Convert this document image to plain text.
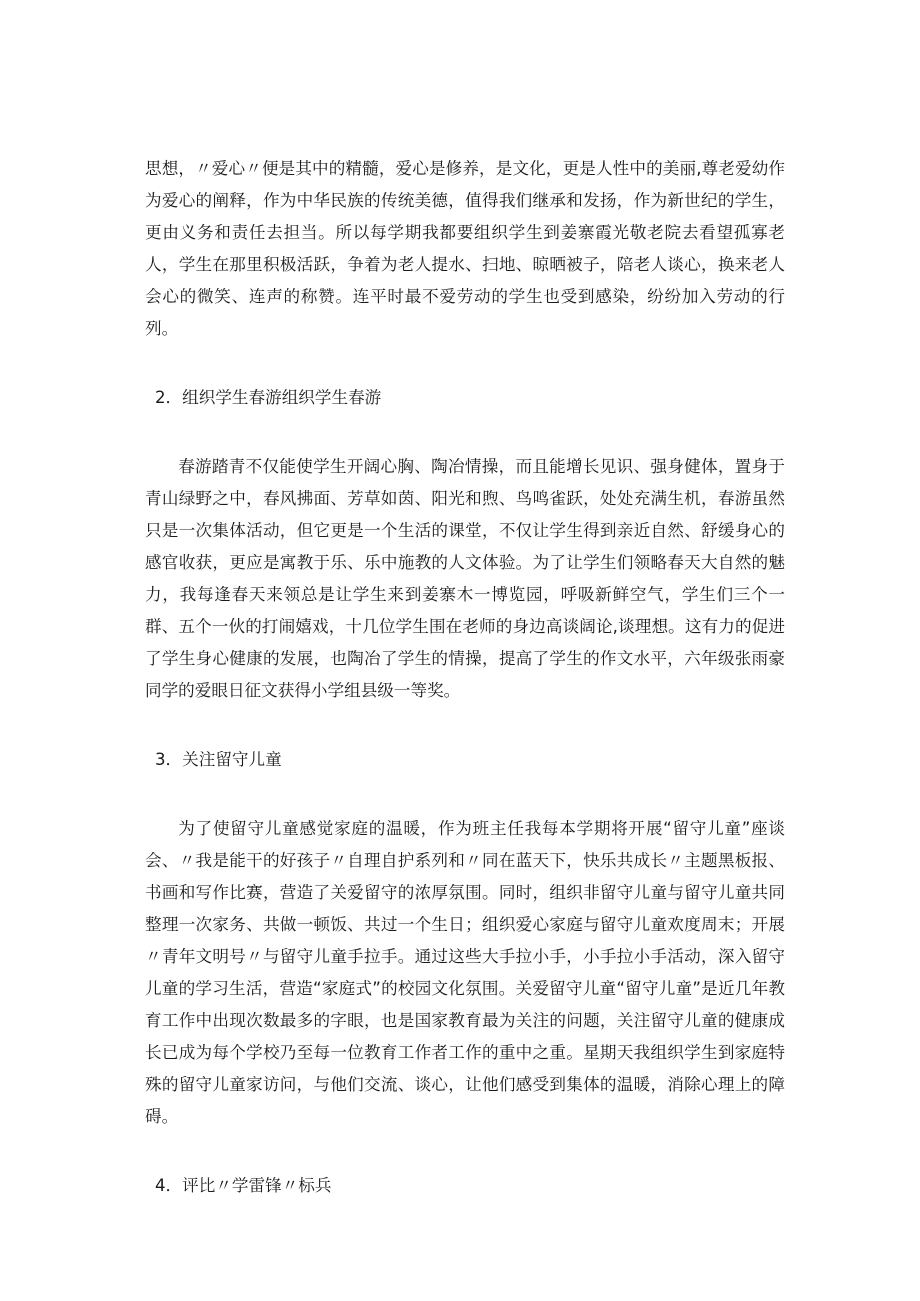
思想，〃爱心〃便是其中的精髓，爱心是修养，是文化，更是人性中的美丽,尊老爱幼作为爱心的阐释，作为中华民族的传统美德，值得我们继承和发扬，作为新世纪的学生，更由义务和责任去担当。所以每学期我都要组织学生到姜寨霞光敬老院去看望孤寡老人，学生在那里积极活跃，争着为老人提水、扫地、晾晒被子，陪老人谈心，换来老人会心的微笑、连声的称赞。连平时最不爱劳动的学生也受到感染，纷纷加入劳动的行列。

2．组织学生春游组织学生春游

春游踏青不仅能使学生开阔心胸、陶冶情操，而且能增长见识、强身健体，置身于青山绿野之中，春风拂面、芳草如茵、阳光和煦、鸟鸣雀跃，处处充满生机，春游虽然只是一次集体活动，但它更是一个生活的课堂，不仅让学生得到亲近自然、舒缓身心的感官收获，更应是寓教于乐、乐中施教的人文体验。为了让学生们领略春天大自然的魅力，我每逢春天来领总是让学生来到姜寨木一博览园，呼吸新鲜空气，学生们三个一群、五个一伙的打闹嬉戏，十几位学生围在老师的身边高谈阔论,谈理想。这有力的促进了学生身心健康的发展，也陶冶了学生的情操，提高了学生的作文水平，六年级张雨豪同学的爱眼日征文获得小学组县级一等奖。

3．关注留守儿童

为了使留守儿童感觉家庭的温暖，作为班主任我每本学期将开展“留守儿童”座谈会、〃我是能干的好孩子〃自理自护系列和〃同在蓝天下，快乐共成长〃主题黑板报、书画和写作比赛，营造了关爱留守的浓厚氛围。同时，组织非留守儿童与留守儿童共同整理一次家务、共做一顿饭、共过一个生日；组织爱心家庭与留守儿童欢度周末；开展〃青年文明号〃与留守儿童手拉手。通过这些大手拉小手，小手拉小手活动，深入留守儿童的学习生活，营造“家庭式”的校园文化氛围。关爱留守儿童“留守儿童”是近几年教育工作中出现次数最多的字眼，也是国家教育最为关注的问题，关注留守儿童的健康成长已成为每个学校乃至每一位教育工作者工作的重中之重。星期天我组织学生到家庭特殊的留守儿童家访问，与他们交流、谈心，让他们感受到集体的温暖，消除心理上的障碍。

4．评比〃学雷锋〃标兵
